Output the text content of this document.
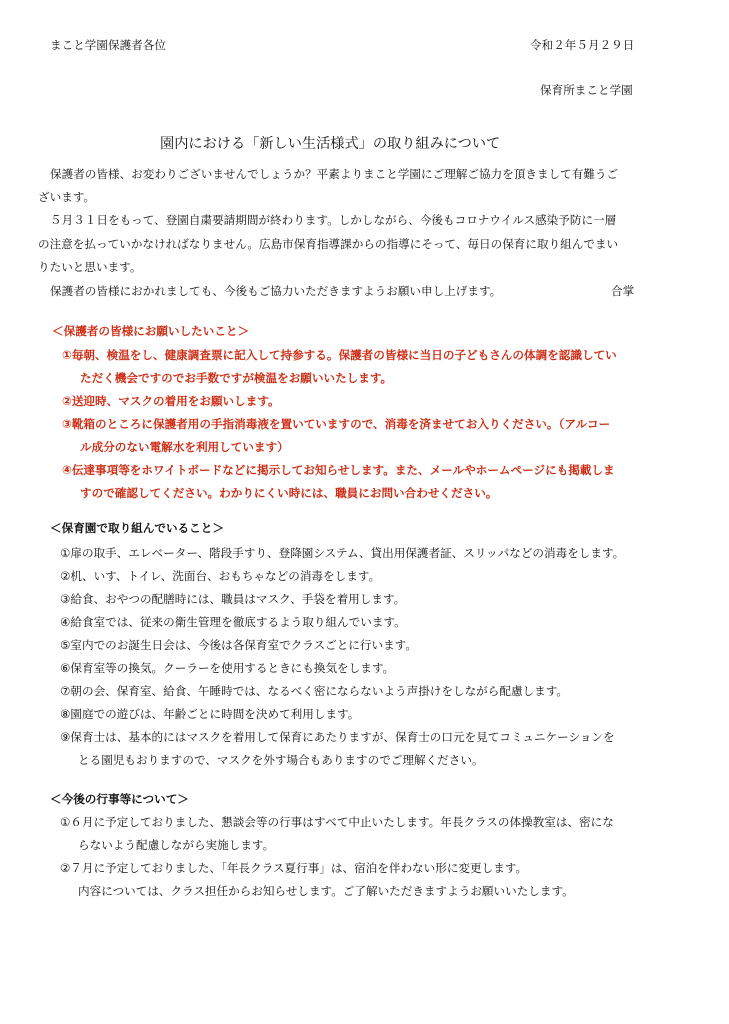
まこと学園保護者各位	令和２年５月２９日
保育所まこと学園
園内における「新しい生活様式」の取り組みについて
保護者の皆様、お変わりございませんでしょうか？平素よりまこと学園にご理解ご協力を頂きまして有難うご
ざいます。
５月３１日をもって、登園自粛要請期間が終わります。しかしながら、今後もコロナウイルス感染予防に一層
の注意を払っていかなければなりません。広島市保育指導課からの指導にそって、毎日の保育に取り組んでまい
りたいと思います。
保護者の皆様におかれましても、今後もご協力いただきますようお願い申し上げます。	合掌
＜保護者の皆様にお願いしたいこと＞
①毎朝、検温をし、健康調査票に記入して持参する。保護者の皆様に当日の子どもさんの体調を認識してい
ただく機会ですのでお手数ですが検温をお願いいたします。
②送迎時、マスクの着用をお願いします。
③靴箱のところに保護者用の手指消毒液を置いていますので、消毒を済ませてお入りください。（アルコー
ル成分のない電解水を利用しています）
④伝達事項等をホワイトボードなどに掲示してお知らせします。また、メールやホームページにも掲載しま
すので確認してください。わかりにくい時には、職員にお問い合わせください。
＜保育園で取り組んでいること＞
①扉の取手、エレベーター、階段手すり、登降園システム、貸出用保護者証、スリッパなどの消毒をします。
②机、いす、トイレ、洗面台、おもちゃなどの消毒をします。
③給食、おやつの配膳時には、職員はマスク、手袋を着用します。
④給食室では、従来の衛生管理を徹底するよう取り組んでいます。
⑤室内でのお誕生日会は、今後は各保育室でクラスごとに行います。
⑥保育室等の換気。クーラーを使用するときにも換気をします。
⑦朝の会、保育室、給食、午睡時では、なるべく密にならないよう声掛けをしながら配慮します。
⑧園庭での遊びは、年齢ごとに時間を決めて利用します。
⑨保育士は、基本的にはマスクを着用して保育にあたりますが、保育士の口元を見てコミュニケーションを
とる園児もおりますので、マスクを外す場合もありますのでご理解ください。
＜今後の行事等について＞
①６月に予定しておりました、懇談会等の行事はすべて中止いたします。年長クラスの体操教室は、密にな
らないよう配慮しながら実施します。
②７月に予定しておりました、「年長クラス夏行事」は、宿泊を伴わない形に変更します。
内容については、クラス担任からお知らせします。ご了解いただきますようお願いいたします。
